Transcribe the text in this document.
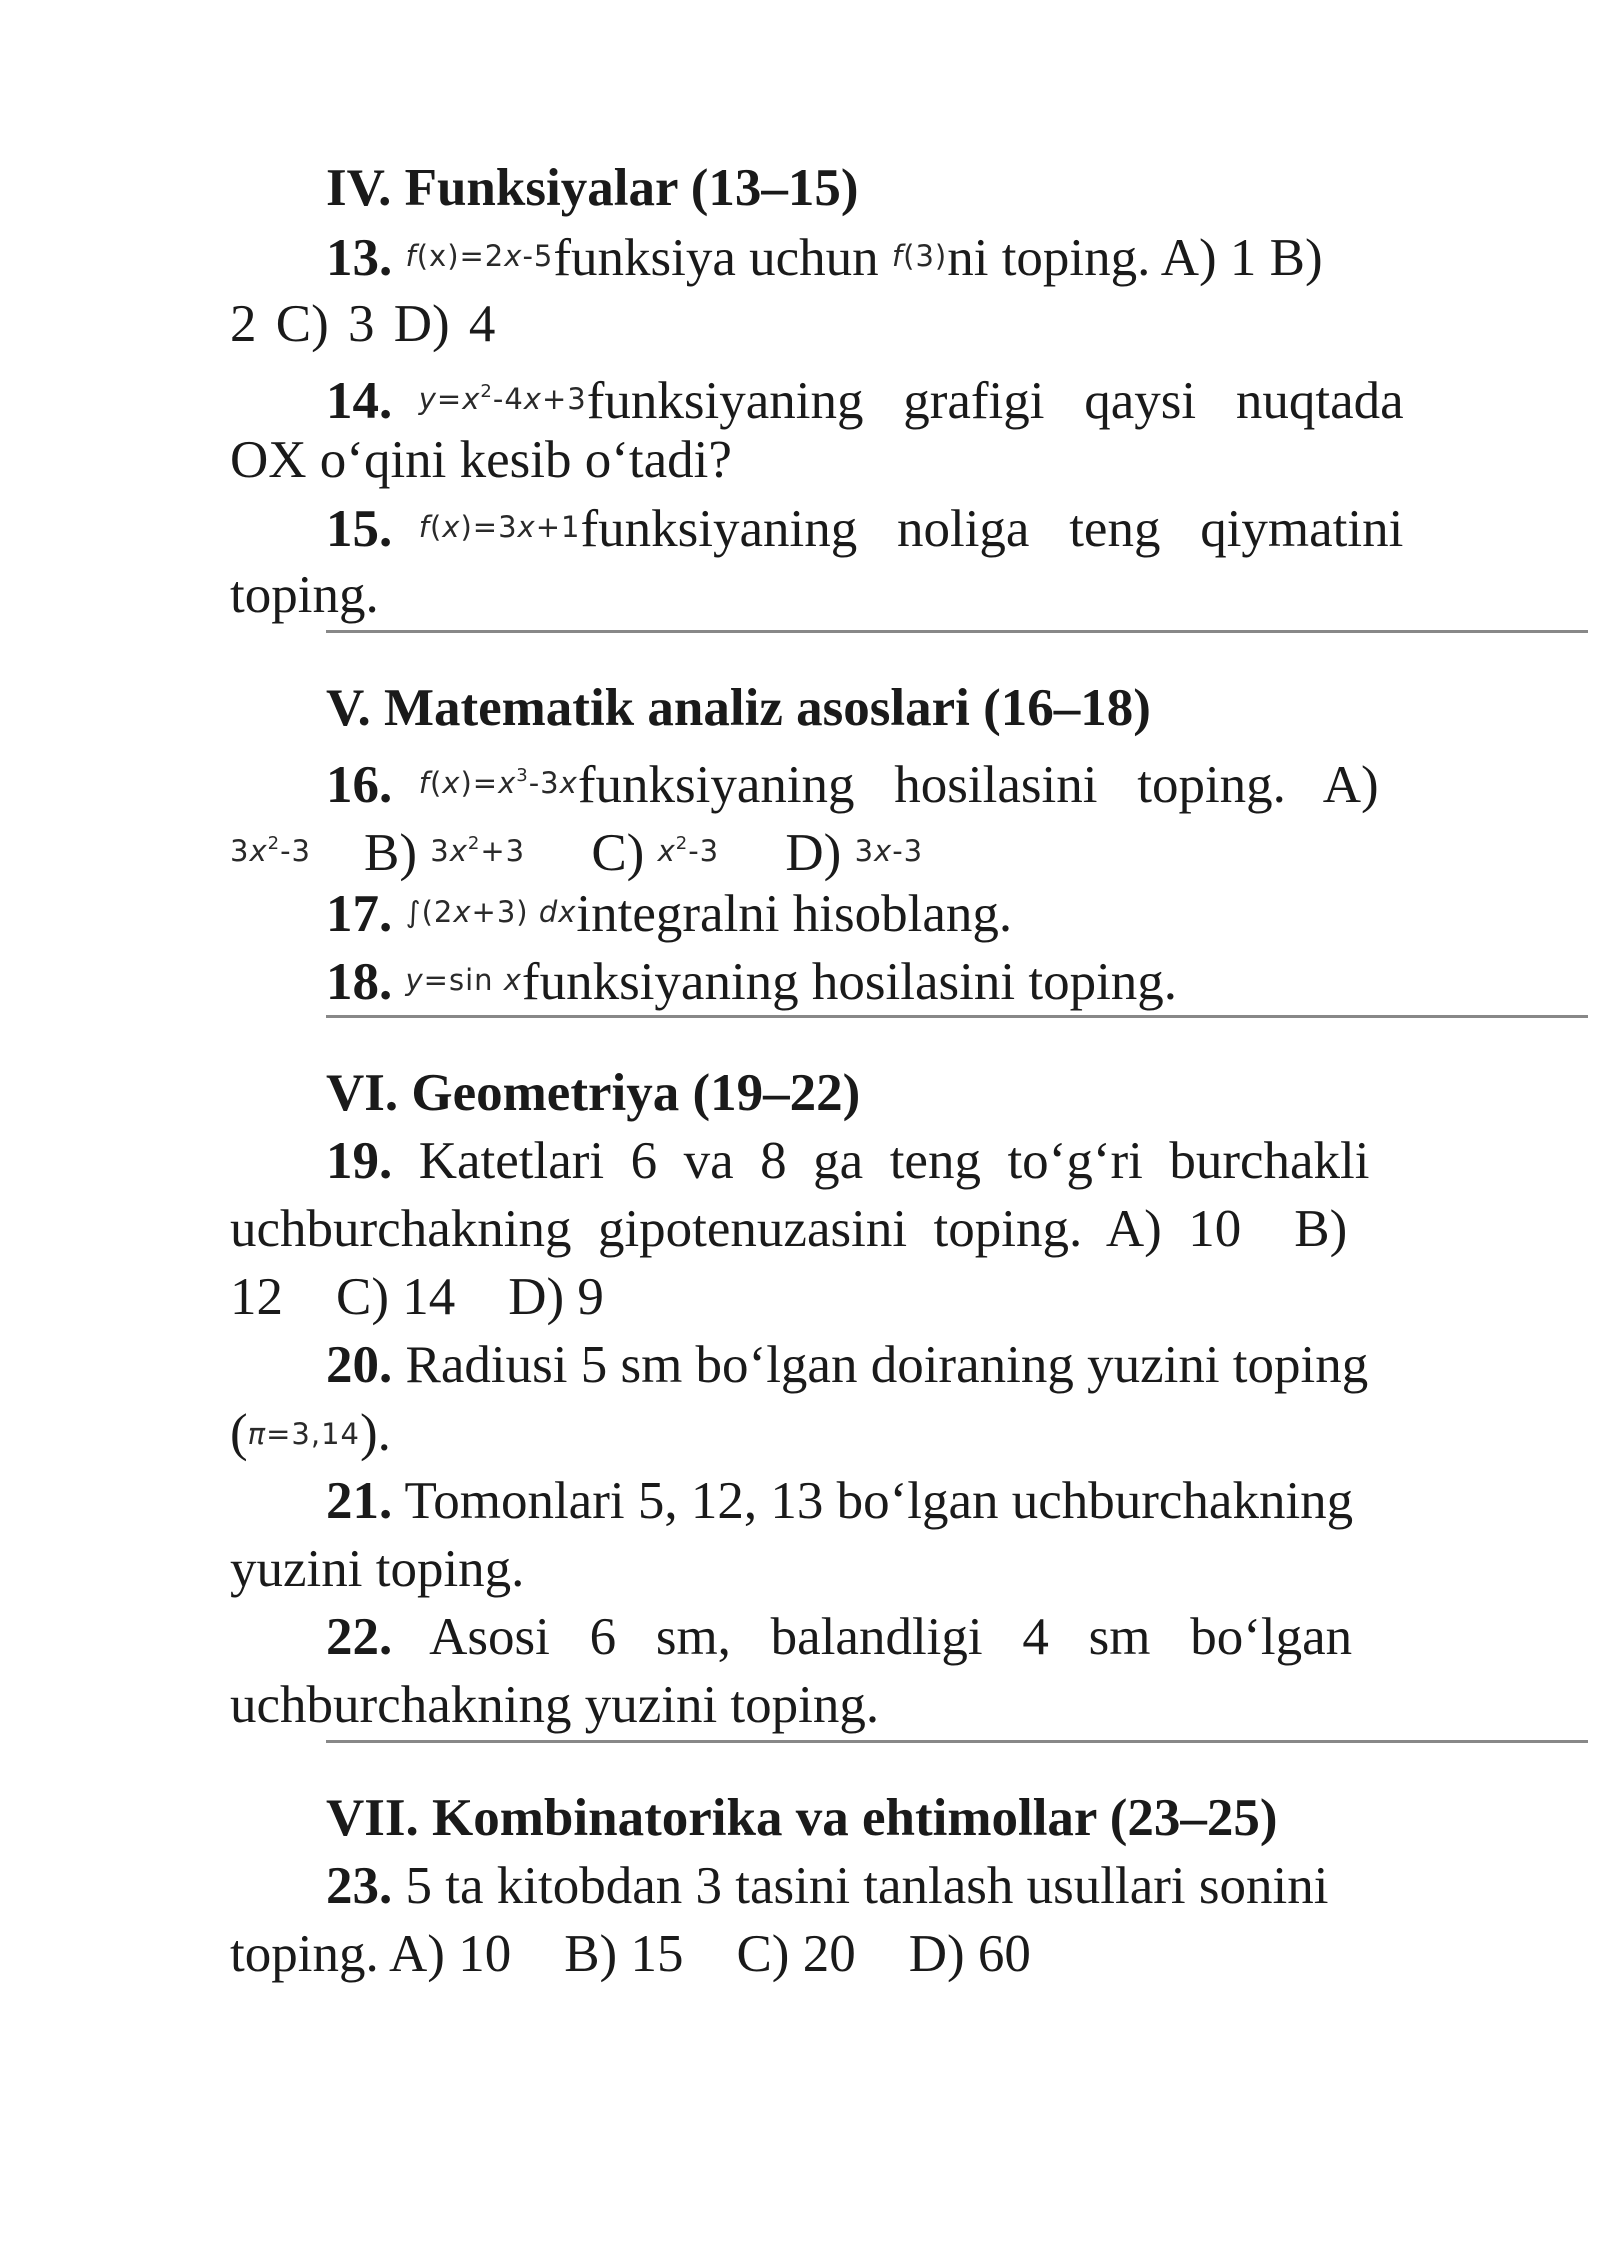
IV. Funksiyalar (13–15)
13. f(x)=2x-5funksiya uchun f(3)ni toping. A) 1 B)
2 C) 3 D) 4
14. $y=x^2-4x+3funksiyaning$   grafigi   qaysi   nuqtada
OX o‘qini kesib o‘tadi?
15. f(x)=3x+1funksiyaning   noliga   teng   qiymatini
toping.
V. Matematik analiz asoslari (16–18)
16. $f(x)=x^3-3xfunksiyaning$   hosilasini   toping.   A)
$3x^2-3$ B) $3x^2+3$ C) $x^2-3$ D) 3x-3
17. ∫(2x+3) dxintegralni hisoblang.
18. y=sin xfunksiyaning hosilasini toping.
VI. Geometriya (19–22)
19. Katetlari  6  va  8  ga  teng  to‘g‘ri  burchakli
uchburchakning  gipotenuzasini  toping.  A)  10    B)
12    C) 14    D) 9
20. Radiusi 5 sm bo‘lgan doiraning yuzini toping
(π=3,14).
21. Tomonlari 5, 12, 13 bo‘lgan uchburchakning
yuzini toping.
22. Asosi   6   sm,   balandligi   4   sm   bo‘lgan
uchburchakning yuzini toping.
VII. Kombinatorika va ehtimollar (23–25)
23. 5 ta kitobdan 3 tasini tanlash usullari sonini
toping. A) 10    B) 15    C) 20    D) 60
